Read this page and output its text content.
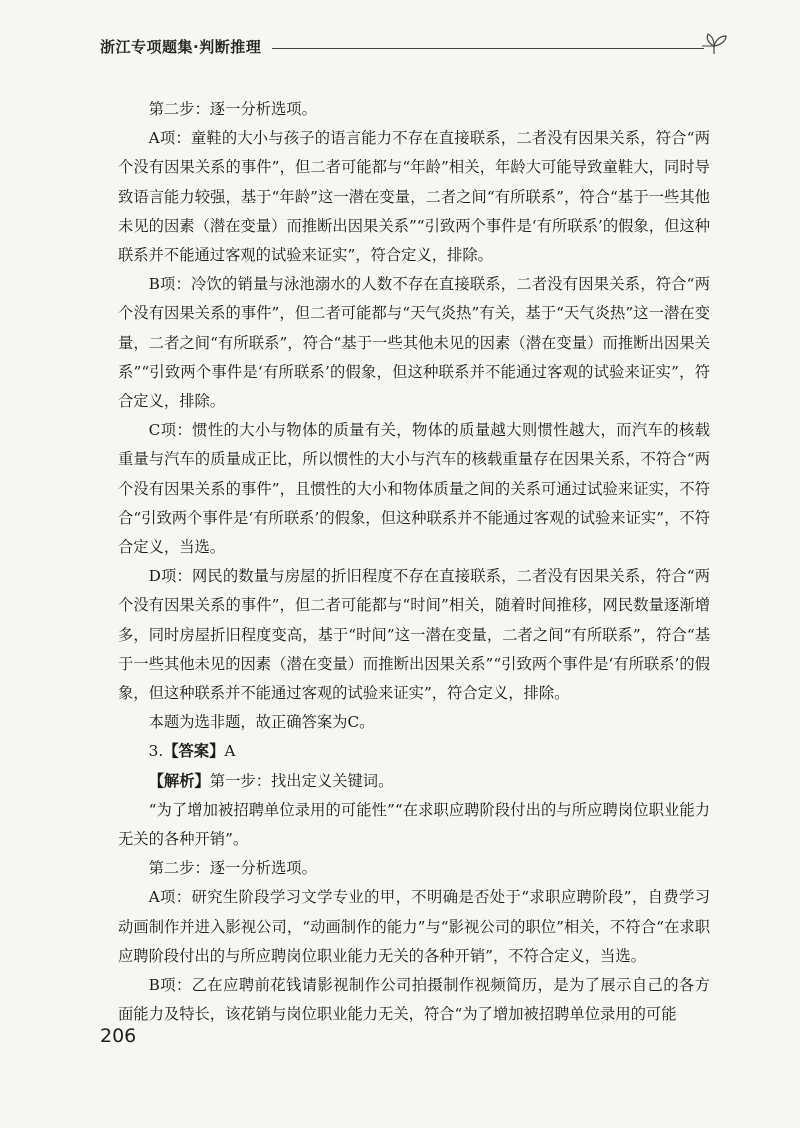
浙江专项题集·判断推理

第二步：逐一分析选项。

A项：童鞋的大小与孩子的语言能力不存在直接联系，二者没有因果关系，符合“两个没有因果关系的事件”，但二者可能都与“年龄”相关，年龄大可能导致童鞋大，同时导致语言能力较强，基于“年龄”这一潜在变量，二者之间“有所联系”，符合“基于一些其他未见的因素（潜在变量）而推断出因果关系”“引致两个事件是‘有所联系’的假象，但这种联系并不能通过客观的试验来证实”，符合定义，排除。

B项：冷饮的销量与泳池溺水的人数不存在直接联系，二者没有因果关系，符合“两个没有因果关系的事件”，但二者可能都与“天气炎热”有关，基于“天气炎热”这一潜在变量，二者之间“有所联系”，符合“基于一些其他未见的因素（潜在变量）而推断出因果关系”“引致两个事件是‘有所联系’的假象，但这种联系并不能通过客观的试验来证实”，符合定义，排除。

C项：惯性的大小与物体的质量有关，物体的质量越大则惯性越大，而汽车的核载重量与汽车的质量成正比，所以惯性的大小与汽车的核载重量存在因果关系，不符合“两个没有因果关系的事件”，且惯性的大小和物体质量之间的关系可通过试验来证实，不符合“引致两个事件是‘有所联系’的假象，但这种联系并不能通过客观的试验来证实”，不符合定义，当选。

D项：网民的数量与房屋的折旧程度不存在直接联系，二者没有因果关系，符合“两个没有因果关系的事件”，但二者可能都与“时间”相关，随着时间推移，网民数量逐渐增多，同时房屋折旧程度变高，基于“时间”这一潜在变量，二者之间“有所联系”，符合“基于一些其他未见的因素（潜在变量）而推断出因果关系”“引致两个事件是‘有所联系’的假象，但这种联系并不能通过客观的试验来证实”，符合定义，排除。

本题为选非题，故正确答案为C。

3.【答案】A

【解析】第一步：找出定义关键词。

“为了增加被招聘单位录用的可能性”“在求职应聘阶段付出的与所应聘岗位职业能力无关的各种开销”。

第二步：逐一分析选项。

A项：研究生阶段学习文学专业的甲，不明确是否处于“求职应聘阶段”，自费学习动画制作并进入影视公司，“动画制作的能力”与“影视公司的职位”相关，不符合“在求职应聘阶段付出的与所应聘岗位职业能力无关的各种开销”，不符合定义，当选。

B项：乙在应聘前花钱请影视制作公司拍摄制作视频简历，是为了展示自己的各方面能力及特长，该花销与岗位职业能力无关，符合“为了增加被招聘单位录用的可能

206
